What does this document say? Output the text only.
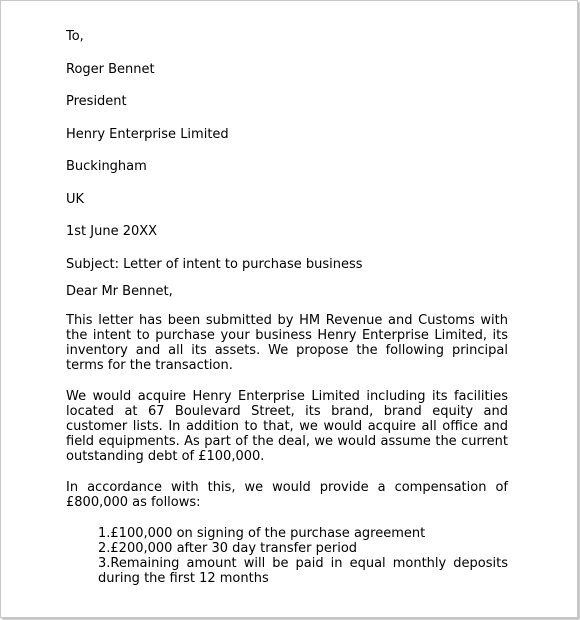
To,

Roger Bennet

President

Henry Enterprise Limited

Buckingham

UK

1st June 20XX

Subject: Letter of intent to purchase business

Dear Mr Bennet,

This letter has been submitted by HM Revenue and Customs with the intent to purchase your business Henry Enterprise Limited, its inventory and all its assets. We propose the following principal terms for the transaction.

We would acquire Henry Enterprise Limited including its facilities located at 67 Boulevard Street, its brand, brand equity and customer lists. In addition to that, we would acquire all office and field equipments. As part of the deal, we would assume the current outstanding debt of £100,000.

In accordance with this, we would provide a compensation of £800,000 as follows:

1.£100,000 on signing of the purchase agreement
2.£200,000 after 30 day transfer period
3.Remaining amount will be paid in equal monthly deposits during the first 12 months
